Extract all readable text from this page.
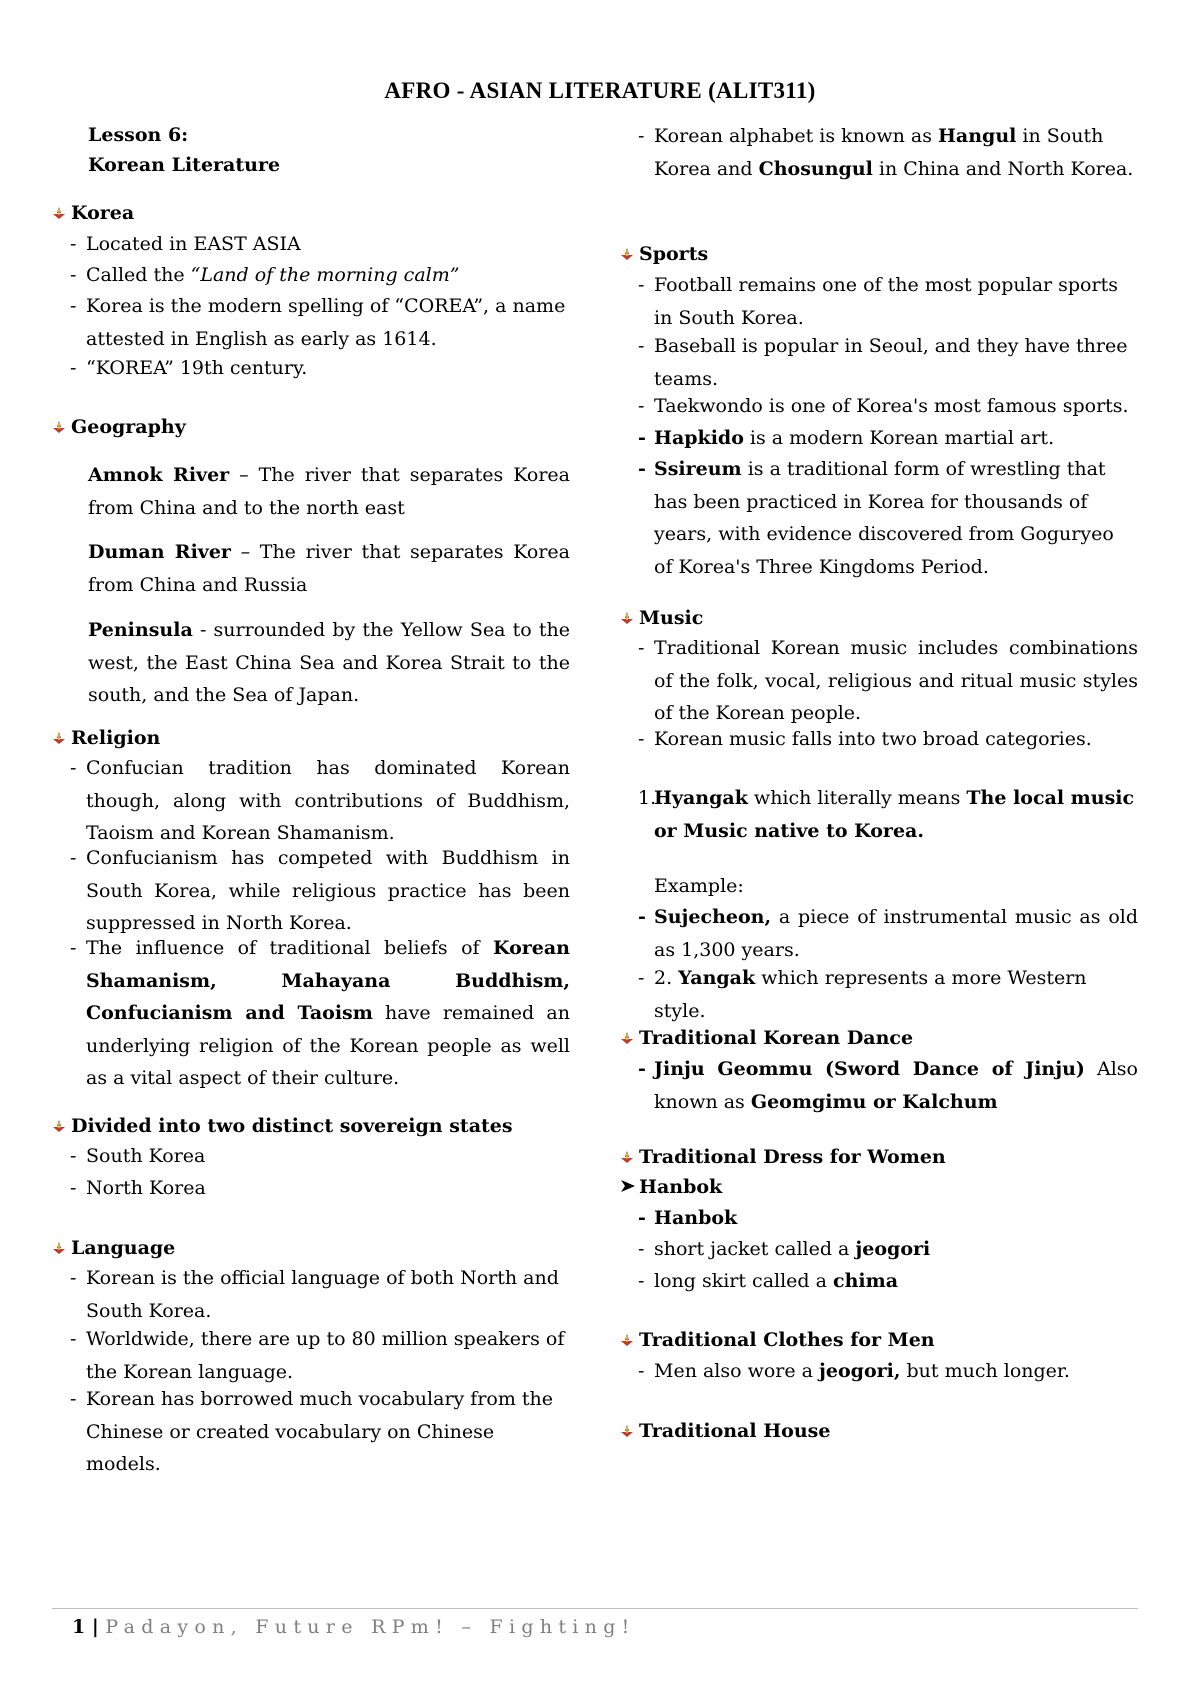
AFRO - ASIAN LITERATURE (ALIT311)
Lesson 6:
Korean Literature
Korea
- Located in EAST ASIA
- Called the “Land of the morning calm”
- Korea is the modern spelling of “COREA”, a name attested in English as early as 1614.
- “KOREA” 19th century.
Geography
Amnok River – The river that separates Korea from China and to the north east
Duman River – The river that separates Korea from China and Russia
Peninsula - surrounded by the Yellow Sea to the west, the East China Sea and Korea Strait to the south, and the Sea of Japan.
Religion
- Confucian tradition has dominated Korean though, along with contributions of Buddhism, Taoism and Korean Shamanism.
- Confucianism has competed with Buddhism in South Korea, while religious practice has been suppressed in North Korea.
- The influence of traditional beliefs of Korean Shamanism, Mahayana Buddhism, Confucianism and Taoism have remained an underlying religion of the Korean people as well as a vital aspect of their culture.
Divided into two distinct sovereign states
- South Korea
- North Korea
Language
- Korean is the official language of both North and South Korea.
- Worldwide, there are up to 80 million speakers of the Korean language.
- Korean has borrowed much vocabulary from the Chinese or created vocabulary on Chinese models.
- Korean alphabet is known as Hangul in South Korea and Chosungul in China and North Korea.
Sports
- Football remains one of the most popular sports in South Korea.
- Baseball is popular in Seoul, and they have three teams.
- Taekwondo is one of Korea's most famous sports.
- Hapkido is a modern Korean martial art.
- Ssireum is a traditional form of wrestling that has been practiced in Korea for thousands of years, with evidence discovered from Goguryeo of Korea's Three Kingdoms Period.
Music
- Traditional Korean music includes combinations of the folk, vocal, religious and ritual music styles of the Korean people.
- Korean music falls into two broad categories.
1.Hyangak which literally means The local music or Music native to Korea.
Example:
- Sujecheon, a piece of instrumental music as old as 1,300 years.
- 2. Yangak which represents a more Western style.
Traditional Korean Dance
- Jinju Geommu (Sword Dance of Jinju) Also known as Geomgimu or Kalchum
Traditional Dress for Women
Hanbok
- Hanbok
- short jacket called a jeogori
- long skirt called a chima
Traditional Clothes for Men
- Men also wore a jeogori, but much longer.
Traditional House
1 | Padayon, Future RPm! – Fighting!
